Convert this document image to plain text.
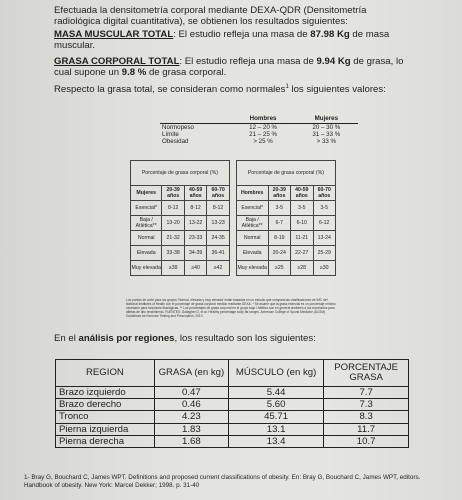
Efectuada la densitometría corporal mediante DEXA-QDR (Densitometría radiológica digital cuantitativa), se obtienen los resultados siguientes:
MASA MUSCULAR TOTAL: El estudio refleja una masa de 87.98 Kg de masa muscular.
GRASA CORPORAL TOTAL: El estudio refleja una masa de 9.94 Kg de grasa, lo cual supone un 9.8 % de grasa corporal.
Respecto la grasa total, se consideran como normales$^1$ los siguientes valores:
	Hombres	Mujeres
Normopeso	12 – 20 %	20 – 30 %
Límite	21 – 25 %	31 – 33 %
Obesidad	> 25 %	> 33 %
Porcentaje de grasa corporal (%)					Porcentaje de grasa corporal (%)			
Mujeres	20-39 años	40-59 años	60-70 años		Hombres	20-39 años	40-59 años	60-70 años
Esencial*	8-12	8-12	8-12		Esencial*	3-5	3-5	3-5
Baja / Atlética**	13-20	13-22	13-23		Baja / Atlética**	6-7	6-10	6-12
Normal	21-32	23-33	24-35		Normal	8-19	11-21	13-24
Elevada	33-38	34-39	36-41		Elevada	20-24	22-27	25-29
Muy elevada	≥39	≥40	≥42		Muy elevada	≥25	≥28	≥30
Los puntos de corte para los grupos 'Normal, elevada y muy elevada' están basados en un estudio que compará las clasificaciones de IMC del National Institutes of Health con el porcentaje de grasa corporal medido mediante DEXA. * Se asume que la grasa esencial es un porcentaje mínimo necesario para funciones fisiológicas. ** Los porcentajes de grasa corporal en el grupo bajo / Atlético son en general similares a los reportados para atletas de alto rendimiento. FUENTES: Gallagher D, et al. Healthy percentage body fat ranges. American College of Sports Medicine (ACSM) Guidelines for Exercise Testing and Prescription, 2010.
En el análisis por regiones, los resultado son los siguientes:
REGION	GRASA (en kg)	MÚSCULO (en kg)	PORCENTAJE GRASA
Brazo izquierdo	0.47	5.44	7.7
Brazo derecho	0.46	5.60	7.3
Tronco	4.23	45.71	8.3
Pierna izquierda	1.83	13.1	11.7
Pierna derecha	1.68	13.4	10.7
1- Bray G, Bouchard C, James WPT. Definitions and proposed current classifications of obesity. En: Bray G, Bouchard C, James WPT, editors. Handbook of obesity. New York: Marcel Dekker; 1998. p. 31-40
